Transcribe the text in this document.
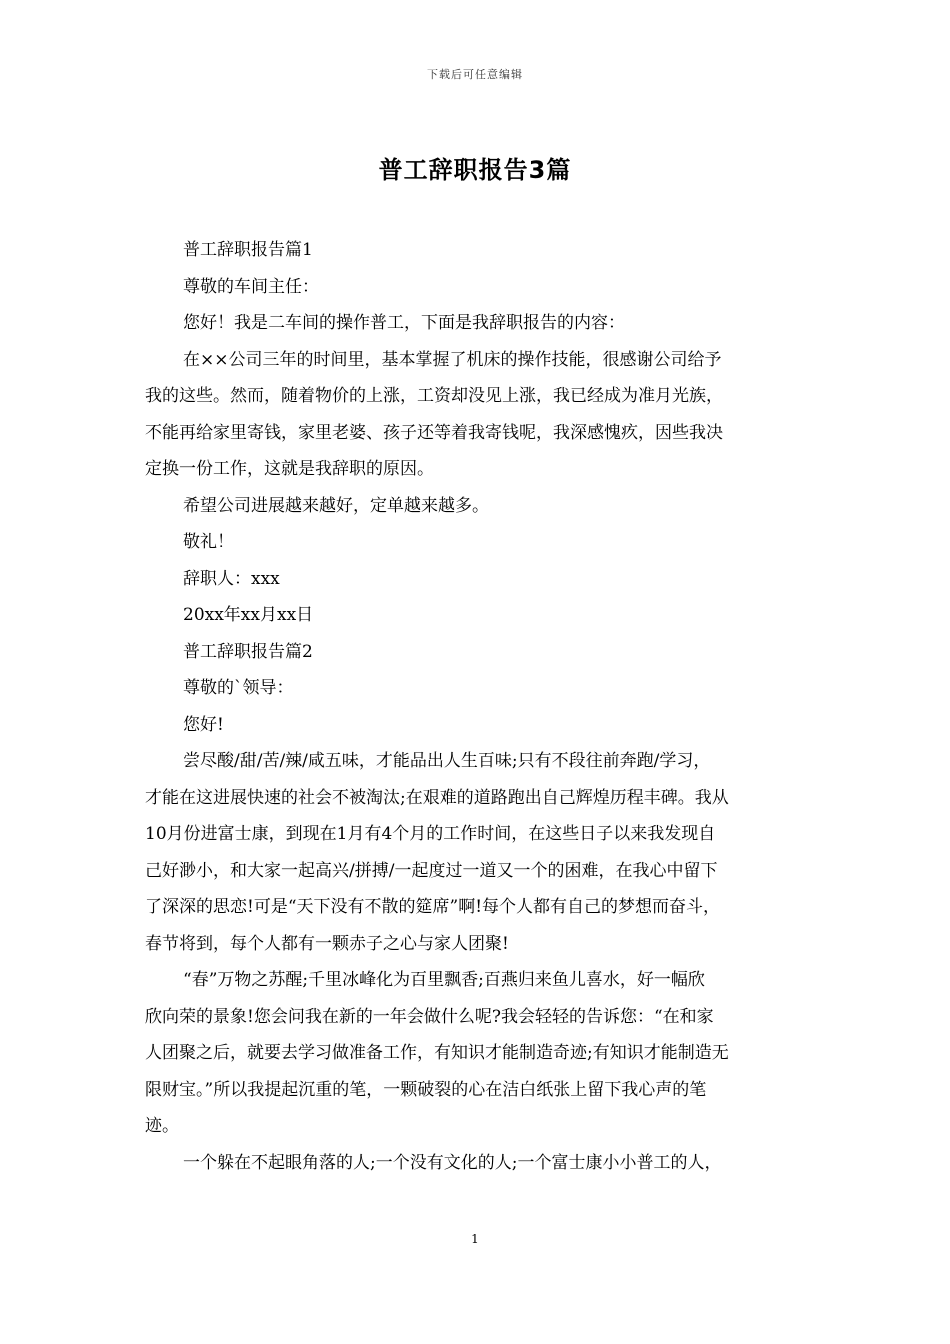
下载后可任意编辑
普工辞职报告3篇
普工辞职报告篇1
尊敬的车间主任：
您好！我是二车间的操作普工，下面是我辞职报告的内容：
在××公司三年的时间里，基本掌握了机床的操作技能，很感谢公司给予
我的这些。然而，随着物价的上涨，工资却没见上涨，我已经成为准月光族，
不能再给家里寄钱，家里老婆、孩子还等着我寄钱呢，我深感愧疚，因些我决
定换一份工作，这就是我辞职的原因。
希望公司进展越来越好，定单越来越多。
敬礼！
辞职人：xxx
20xx年xx月xx日
普工辞职报告篇2
尊敬的`领导：
您好!
尝尽酸/甜/苦/辣/咸五味，才能品出人生百味;只有不段往前奔跑/学习，
才能在这进展快速的社会不被淘汰;在艰难的道路跑出自己辉煌历程丰碑。我从
10月份进富士康，到现在1月有4个月的工作时间，在这些日子以来我发现自
己好渺小，和大家一起高兴/拼搏/一起度过一道又一个的困难，在我心中留下
了深深的思恋!可是“天下没有不散的筵席”啊!每个人都有自己的梦想而奋斗，
春节将到，每个人都有一颗赤子之心与家人团聚!
“春”万物之苏醒;千里冰峰化为百里飘香;百燕归来鱼儿喜水，好一幅欣
欣向荣的景象!您会问我在新的一年会做什么呢?我会轻轻的告诉您：“在和家
人团聚之后，就要去学习做准备工作，有知识才能制造奇迹;有知识才能制造无
限财宝。”所以我提起沉重的笔，一颗破裂的心在洁白纸张上留下我心声的笔
迹。
一个躲在不起眼角落的人;一个没有文化的人;一个富士康小小普工的人，
1
